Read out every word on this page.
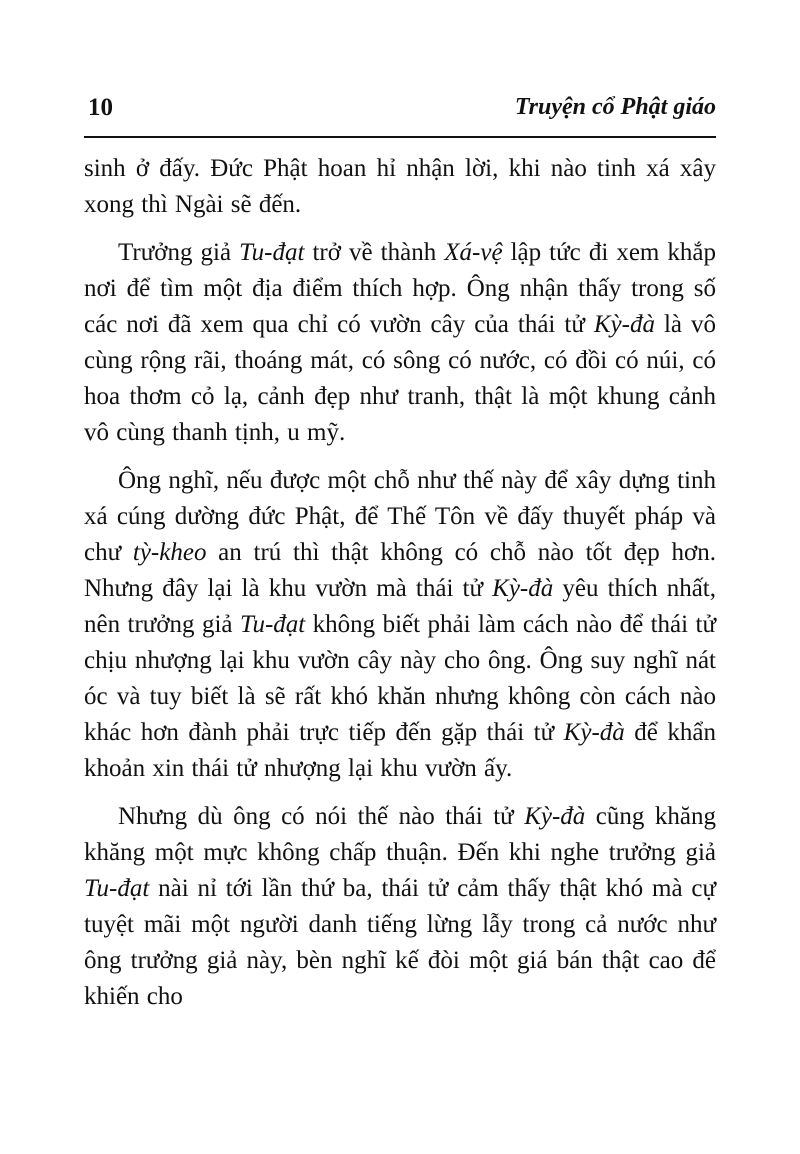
10	Truyện cổ Phật giáo

sinh ở đấy. Đức Phật hoan hỉ nhận lời, khi nào tinh xá xây xong thì Ngài sẽ đến.

Trưởng giả Tu-đạt trở về thành Xá-vệ lập tức đi xem khắp nơi để tìm một địa điểm thích hợp. Ông nhận thấy trong số các nơi đã xem qua chỉ có vườn cây của thái tử Kỳ-đà là vô cùng rộng rãi, thoáng mát, có sông có nước, có đồi có núi, có hoa thơm cỏ lạ, cảnh đẹp như tranh, thật là một khung cảnh vô cùng thanh tịnh, u mỹ.

Ông nghĩ, nếu được một chỗ như thế này để xây dựng tinh xá cúng dường đức Phật, để Thế Tôn về đấy thuyết pháp và chư tỳ-kheo an trú thì thật không có chỗ nào tốt đẹp hơn. Nhưng đây lại là khu vườn mà thái tử Kỳ-đà yêu thích nhất, nên trưởng giả Tu-đạt không biết phải làm cách nào để thái tử chịu nhượng lại khu vườn cây này cho ông. Ông suy nghĩ nát óc và tuy biết là sẽ rất khó khăn nhưng không còn cách nào khác hơn đành phải trực tiếp đến gặp thái tử Kỳ-đà để khẩn khoản xin thái tử nhượng lại khu vườn ấy.

Nhưng dù ông có nói thế nào thái tử Kỳ-đà cũng khăng khăng một mực không chấp thuận. Đến khi nghe trưởng giả Tu-đạt nài nỉ tới lần thứ ba, thái tử cảm thấy thật khó mà cự tuyệt mãi một người danh tiếng lừng lẫy trong cả nước như ông trưởng giả này, bèn nghĩ kế đòi một giá bán thật cao để khiến cho
